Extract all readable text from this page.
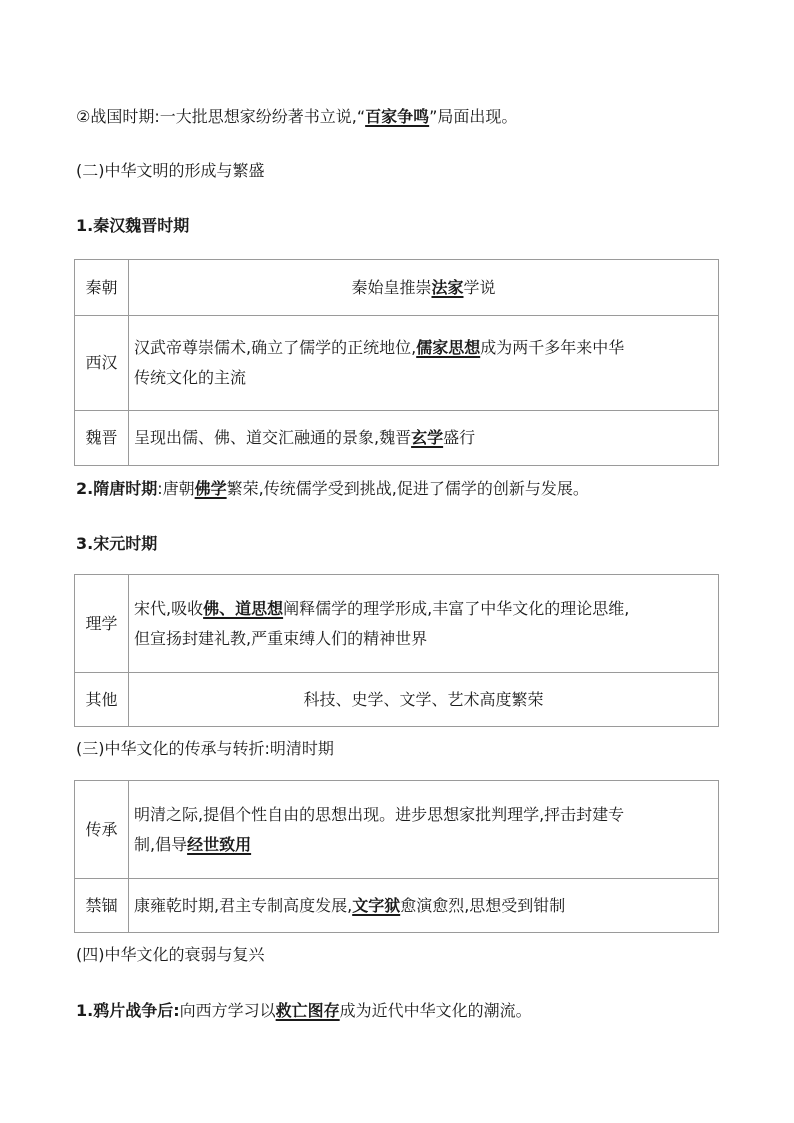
②战国时期:一大批思想家纷纷著书立说,“百家争鸣”局面出现。
(二)中华文明的形成与繁盛
1.秦汉魏晋时期
秦朝	秦始皇推崇法家学说
西汉	汉武帝尊崇儒术,确立了儒学的正统地位,儒家思想成为两千多年来中华
传统文化的主流

魏晋	呈现出儒、佛、道交汇融通的景象,魏晋玄学盛行
2.隋唐时期:唐朝佛学繁荣,传统儒学受到挑战,促进了儒学的创新与发展。
3.宋元时期
理学	宋代,吸收佛、道思想阐释儒学的理学形成,丰富了中华文化的理论思维,
但宣扬封建礼教,严重束缚人们的精神世界

其他	科技、史学、文学、艺术高度繁荣
(三)中华文化的传承与转折:明清时期
传承	明清之际,提倡个性自由的思想出现。进步思想家批判理学,抨击封建专
制,倡导经世致用

禁锢	康雍乾时期,君主专制高度发展,文字狱愈演愈烈,思想受到钳制
(四)中华文化的衰弱与复兴
1.鸦片战争后:向西方学习以救亡图存成为近代中华文化的潮流。
